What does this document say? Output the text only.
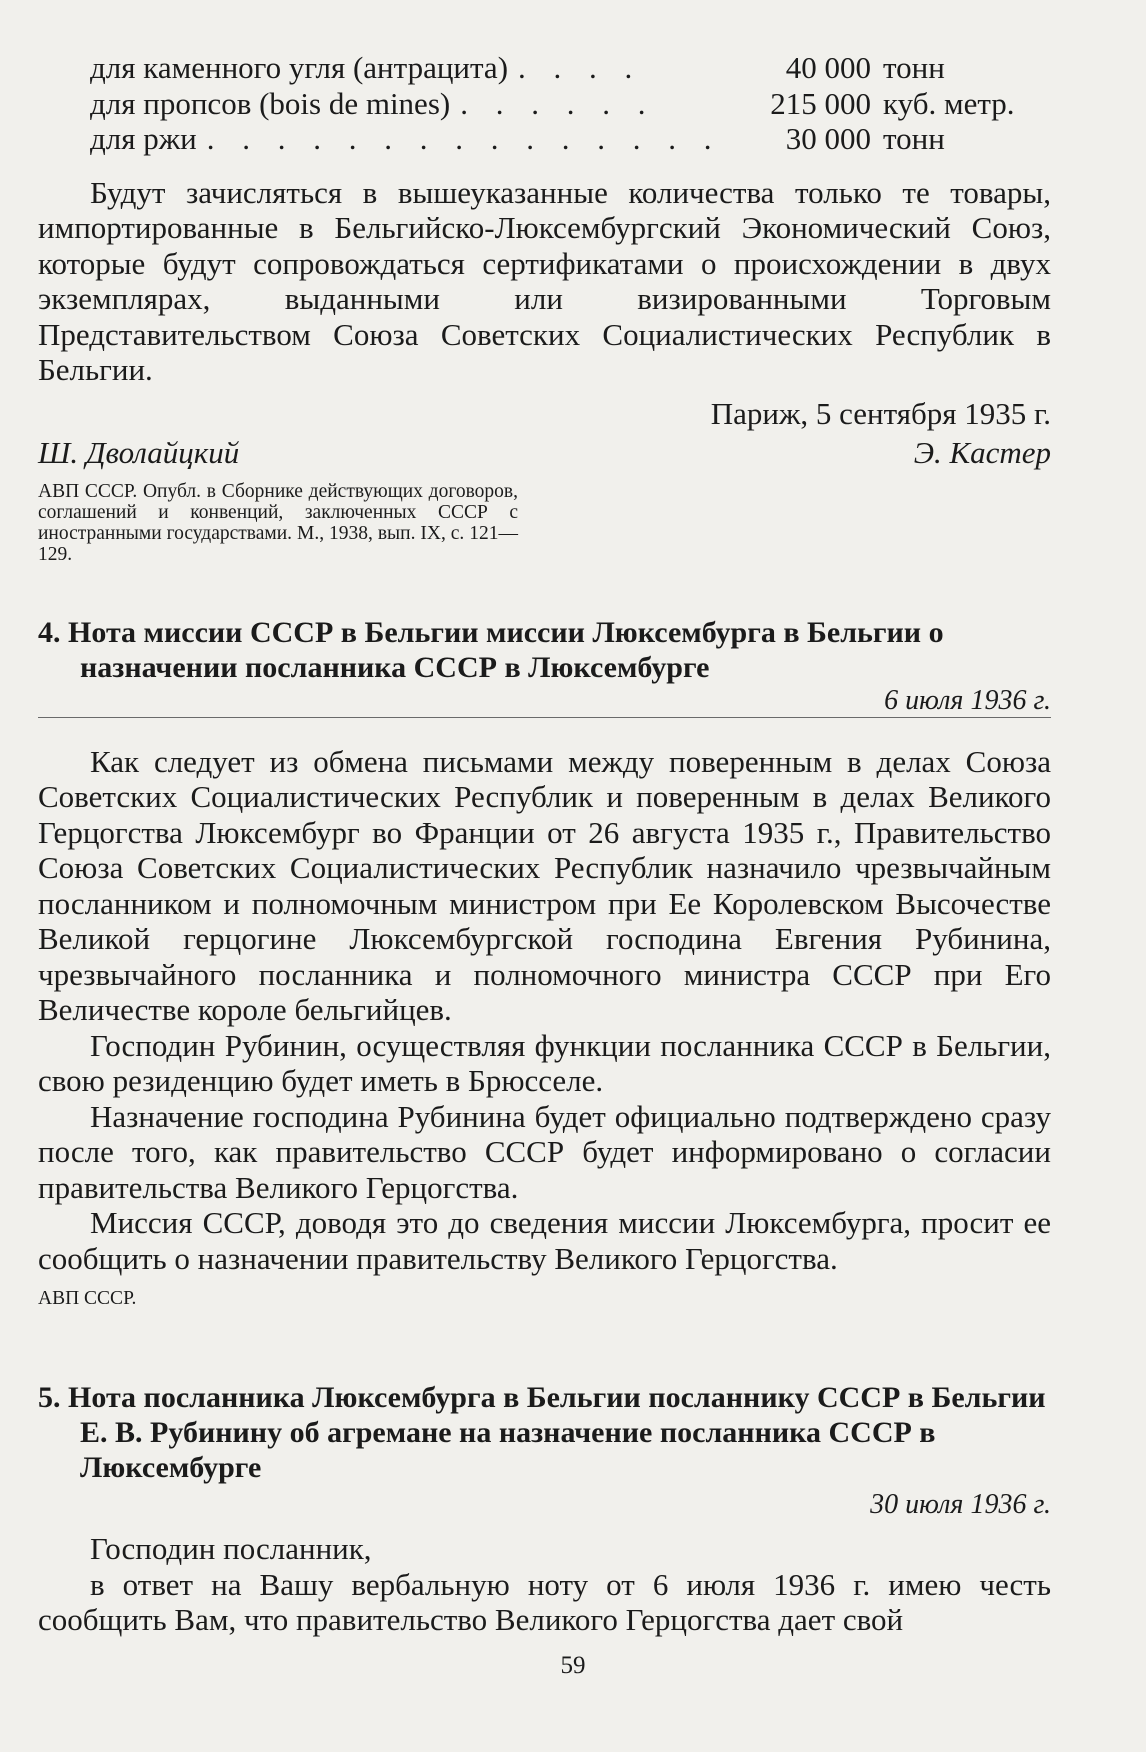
для каменного угля (антрацита) . . . .	40 000 тонн
для пропсов (bois de mines) . . . . . .	215 000 куб. метр.
для ржи . . . . . . . . . . . . . . .	30 000 тонн

Будут зачисляться в вышеуказанные количества только те товары, импортированные в Бельгийско-Люксембургский Экономический Союз, которые будут сопровождаться сертификатами о происхождении в двух экземплярах, выданными или визированными Торговым Представительством Союза Советских Социалистических Республик в Бельгии.

Париж, 5 сентября 1935 г.
Ш. Дволайцкий	Э. Кастер
АВП СССР. Опубл. в Сборнике действующих договоров, соглашений и конвенций, заключенных СССР с иностранными государствами. М., 1938, вып. IX, с. 121—129.
4. Нота миссии СССР в Бельгии миссии Люксембурга в Бельгии о назначении посланника СССР в Люксембурге
6 июля 1936 г.

Как следует из обмена письмами между поверенным в делах Союза Советских Социалистических Республик и поверенным в делах Великого Герцогства Люксембург во Франции от 26 августа 1935 г., Правительство Союза Советских Социалистических Республик назначило чрезвычайным посланником и полномочным министром при Ее Королевском Высочестве Великой герцогине Люксембургской господина Евгения Рубинина, чрезвычайного посланника и полномочного министра СССР при Его Величестве короле бельгийцев.

Господин Рубинин, осуществляя функции посланника СССР в Бельгии, свою резиденцию будет иметь в Брюсселе.

Назначение господина Рубинина будет официально подтверждено сразу после того, как правительство СССР будет информировано о согласии правительства Великого Герцогства.

Миссия СССР, доводя это до сведения миссии Люксембурга, просит ее сообщить о назначении правительству Великого Герцогства.

АВП СССР.
5. Нота посланника Люксембурга в Бельгии посланнику СССР в Бельгии Е. В. Рубинину об агремане на назначение посланника СССР в Люксембурге
30 июля 1936 г.

Господин посланник,

в ответ на Вашу вербальную ноту от 6 июля 1936 г. имею честь сообщить Вам, что правительство Великого Герцогства дает свой

59
